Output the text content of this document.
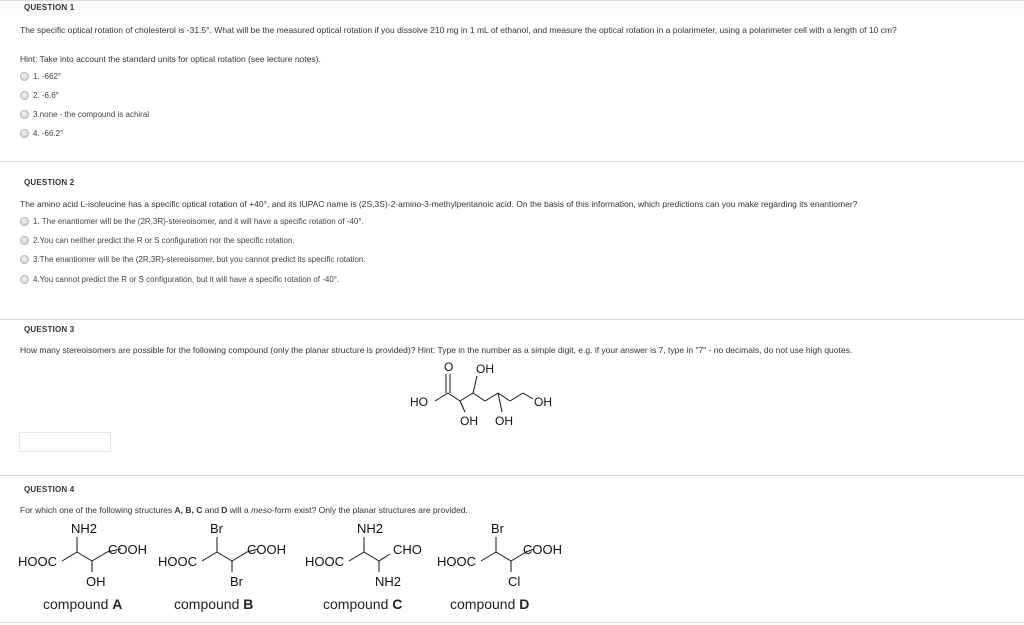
QUESTION 1
The specific optical rotation of cholesterol is -31.5°. What will be the measured optical rotation if you dissolve 210 mg in 1 mL of ethanol, and measure the optical rotation in a polarimeter, using a polarimeter cell with a length of 10 cm?
Hint: Take into account the standard units for optical rotation (see lecture notes).
1. -662°
2. -6.6°
3.none - the compound is achiral
4. -66.2°
QUESTION 2
The amino acid L-isoleucine has a specific optical rotation of +40°, and its IUPAC name is (2S,3S)-2-amino-3-methylpentanoic acid. On the basis of this information, which predictions can you make regarding its enantiomer?
1. The enantiomer will be the (2R,3R)-stereoisomer, and it will have a specific rotation of -40°.
2.You can neither predict the R or S configuration nor the specific rotation.
3.The enantiomer will be the (2R,3R)-stereoisomer, but you cannot predict its specific rotation.
4.You cannot predict the R or S configuration, but it will have a specific rotation of -40°.
QUESTION 3
How many stereoisomers are possible for the following compound (only the planar structure is provided)? Hint: Type in the number as a simple digit, e.g. if your answer is 7, type in "7" - no decimals, do not use high quotes.
O OH
HO	OH
OH OH
QUESTION 4
For which one of the following structures A, B, C and D will a meso-form exist? Only the planar structures are provided.
NH2
HOOC
COOH
OH
Br
HOOC
COOH
Br
NH2
HOOC
CHO
NH2
Br
HOOC
COOH
Cl
compound A	compound B	compound C	compound D
